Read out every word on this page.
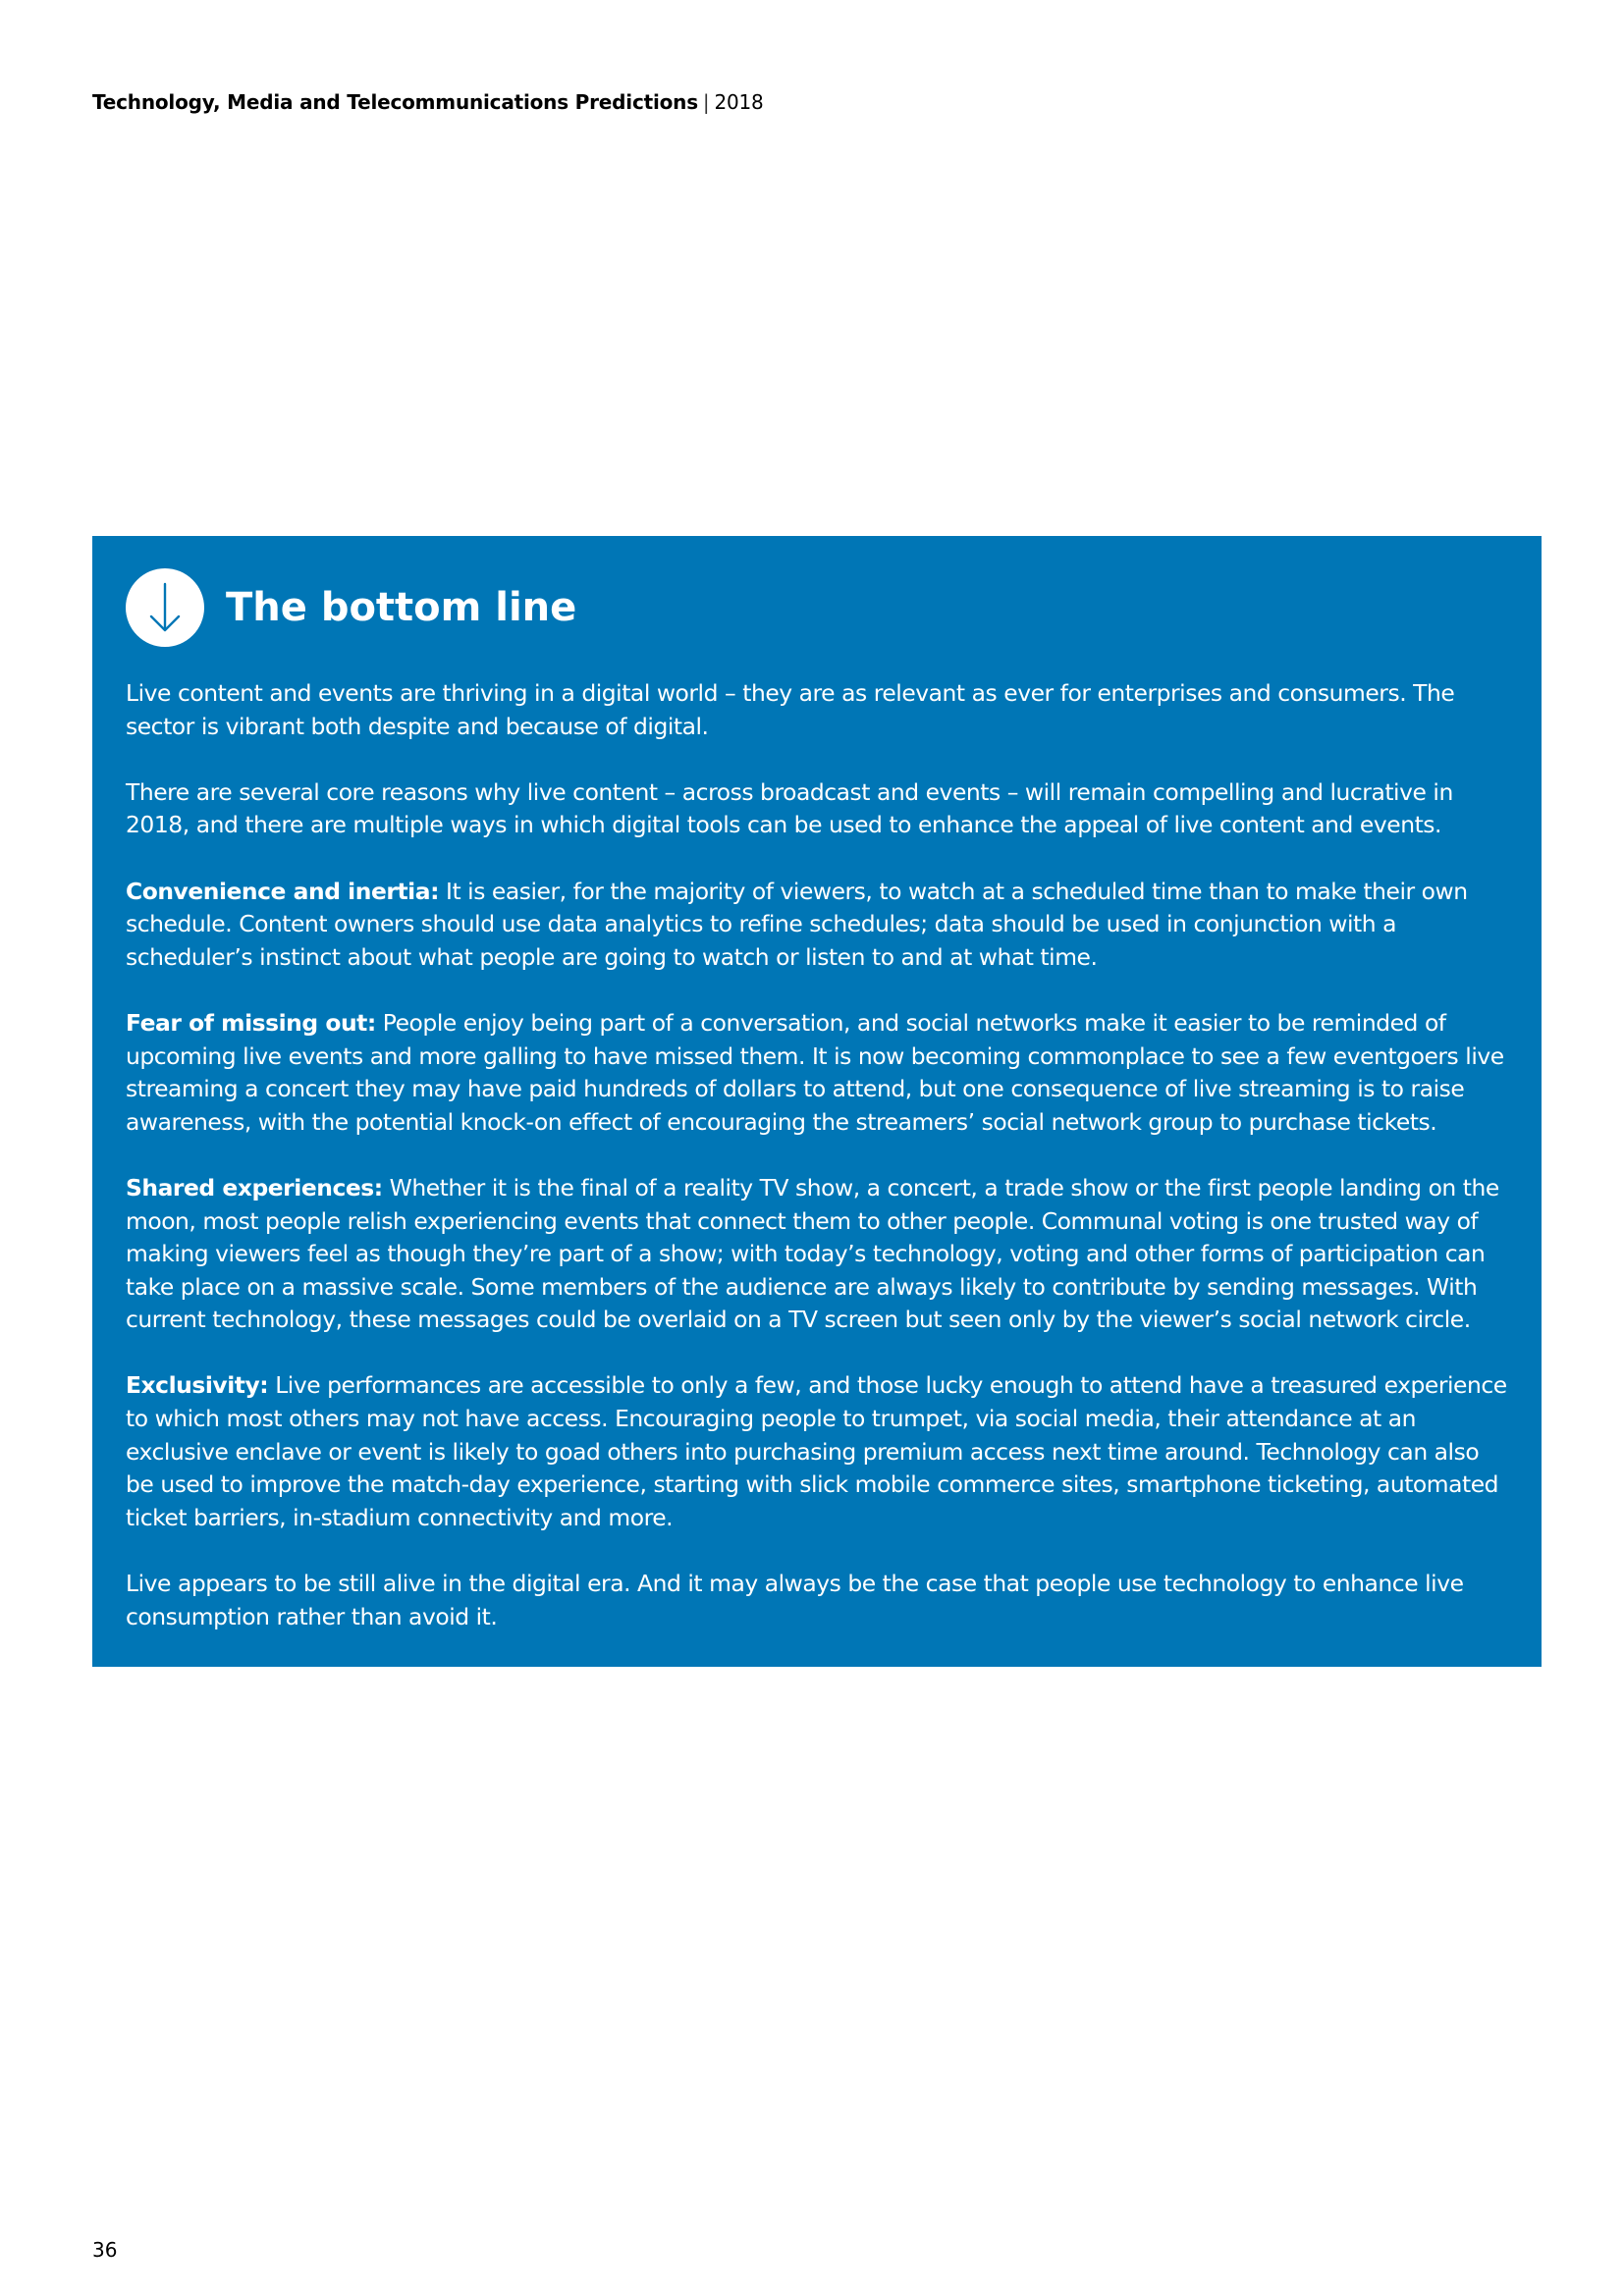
Technology, Media and Telecommunications Predictions | 2018
The bottom line

Live content and events are thriving in a digital world – they are as relevant as ever for enterprises and consumers. The sector is vibrant both despite and because of digital.

There are several core reasons why live content – across broadcast and events – will remain compelling and lucrative in 2018, and there are multiple ways in which digital tools can be used to enhance the appeal of live content and events.

Convenience and inertia: It is easier, for the majority of viewers, to watch at a scheduled time than to make their own schedule. Content owners should use data analytics to refine schedules; data should be used in conjunction with a scheduler’s instinct about what people are going to watch or listen to and at what time.

Fear of missing out: People enjoy being part of a conversation, and social networks make it easier to be reminded of upcoming live events and more galling to have missed them. It is now becoming commonplace to see a few eventgoers live streaming a concert they may have paid hundreds of dollars to attend, but one consequence of live streaming is to raise awareness, with the potential knock-on effect of encouraging the streamers’ social network group to purchase tickets.

Shared experiences: Whether it is the final of a reality TV show, a concert, a trade show or the first people landing on the moon, most people relish experiencing events that connect them to other people. Communal voting is one trusted way of making viewers feel as though they’re part of a show; with today’s technology, voting and other forms of participation can take place on a massive scale. Some members of the audience are always likely to contribute by sending messages. With current technology, these messages could be overlaid on a TV screen but seen only by the viewer’s social network circle.

Exclusivity: Live performances are accessible to only a few, and those lucky enough to attend have a treasured experience to which most others may not have access. Encouraging people to trumpet, via social media, their attendance at an exclusive enclave or event is likely to goad others into purchasing premium access next time around. Technology can also be used to improve the match-day experience, starting with slick mobile commerce sites, smartphone ticketing, automated ticket barriers, in-stadium connectivity and more.

Live appears to be still alive in the digital era. And it may always be the case that people use technology to enhance live consumption rather than avoid it.

36
